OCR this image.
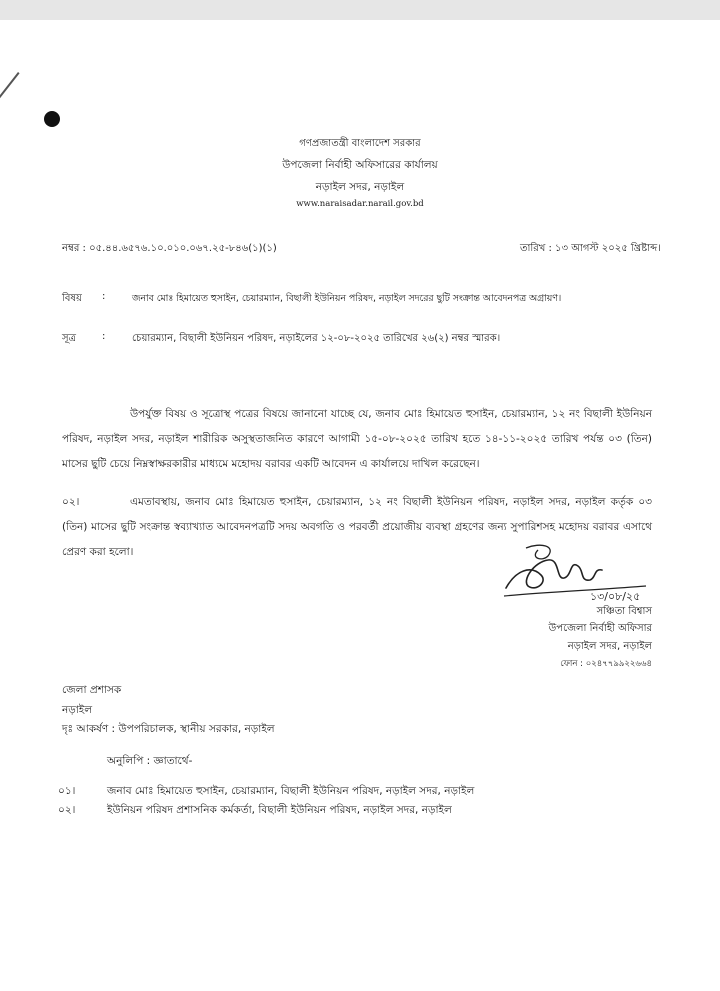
গণপ্রজাতন্ত্রী বাংলাদেশ সরকার
উপজেলা নির্বাহী অফিসারের কার্যালয়
নড়াইল সদর, নড়াইল
www.naraisadar.narail.gov.bd
নম্বর : ০৫.৪৪.৬৫৭৬.১০.০১০.০৬৭.২৫-৮৪৬(১)(১)	তারিখ : ১৩ আগস্ট ২০২৫ খ্রিষ্টাব্দ।
বিষয় :	জনাব মোঃ হিমায়েত হুসাইন, চেয়ারম্যান, বিছালী ইউনিয়ন পরিষদ, নড়াইল সদরের ছুটি সংক্রান্ত আবেদনপত্র অগ্রায়ণ।
সূত্র	:	চেয়ারম্যান, বিছালী ইউনিয়ন পরিষদ, নড়াইলের ১২-০৮-২০২৫ তারিখের ২৬(২) নম্বর স্মারক।
উপর্যুক্ত বিষয় ও সূত্রোস্থ পত্রের বিষয়ে জানানো যাচ্ছে যে, জনাব মোঃ হিমায়েত হুসাইন, চেয়ারম্যান, ১২ নং বিছালী ইউনিয়ন পরিষদ, নড়াইল সদর, নড়াইল শারীরিক অসুস্থতাজনিত কারণে আগামী ১৫-০৮-২০২৫ তারিখ হতে ১৪-১১-২০২৫ তারিখ পর্যন্ত ০৩ (তিন) মাসের ছুটি চেয়ে নিম্নস্বাক্ষরকারীর মাধ্যমে মহোদয় বরাবর একটি আবেদন এ কার্যালয়ে দাখিল করেছেন।
০২।	এমতাবস্থায়, জনাব মোঃ হিমায়েত হুসাইন, চেয়ারম্যান, ১২ নং বিছালী ইউনিয়ন পরিষদ, নড়াইল সদর, নড়াইল কর্তৃক ০৩ (তিন) মাসের ছুটি সংক্রান্ত স্বব্যাখ্যাত আবেদনপত্রটি সদয় অবগতি ও পরবর্তী প্রয়োজীয় ব্যবস্থা গ্রহণের জন্য সুপারিশসহ মহোদয় বরাবর এসাথে প্রেরণ করা হলো।
১৩/০৮/২৫
সঞ্চিতা বিশ্বাস
উপজেলা নির্বাহী অফিসার
নড়াইল সদর, নড়াইল
ফোন : ০২৪৭৭৯৯২২৬৬৪
জেলা প্রশাসক
নড়াইল
দৃঃ আকর্ষণ : উপপরিচালক, স্থানীয় সরকার, নড়াইল
অনুলিপি : জ্ঞাতার্থে-
০১।	জনাব মোঃ হিমায়েত হুসাইন, চেয়ারম্যান, বিছালী ইউনিয়ন পরিষদ, নড়াইল সদর, নড়াইল
০২।	ইউনিয়ন পরিষদ প্রশাসনিক কর্মকর্তা, বিছালী ইউনিয়ন পরিষদ, নড়াইল সদর, নড়াইল
